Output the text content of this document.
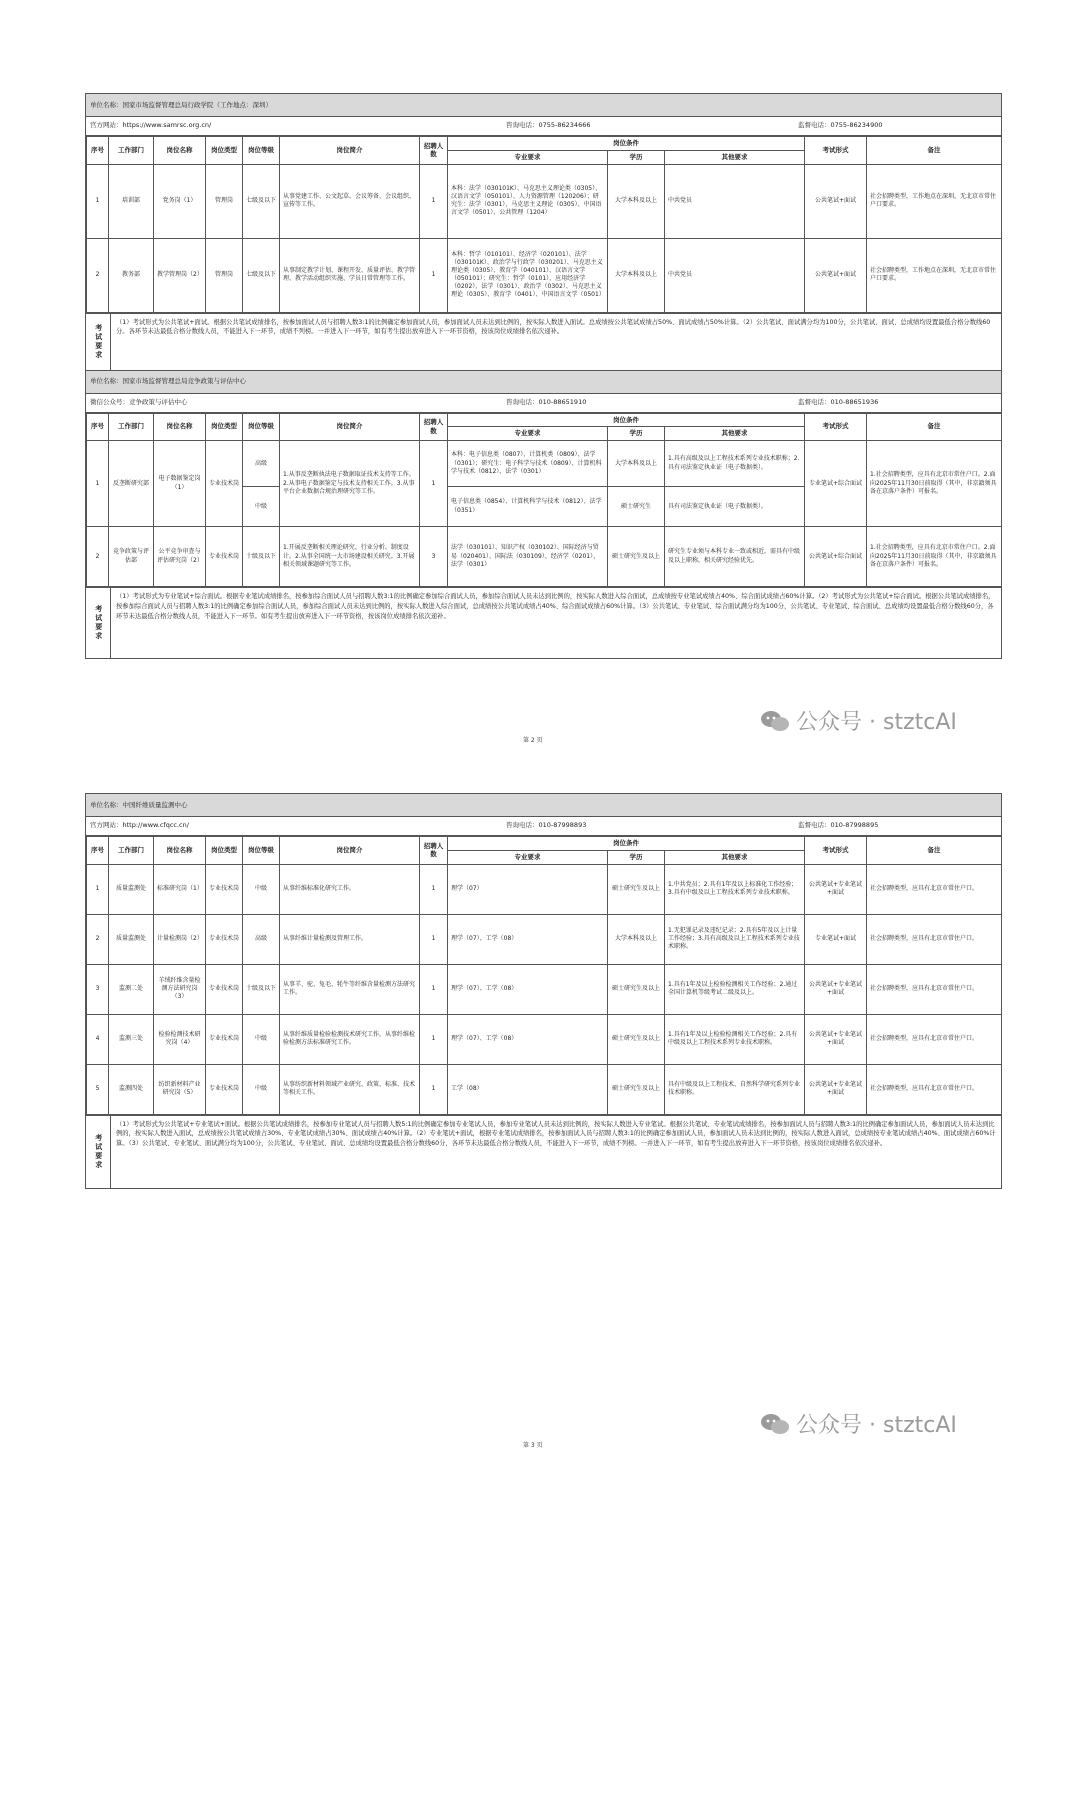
单位名称：国家市场监督管理总局行政学院（工作地点：深圳）
官方网站：https://www.samrsc.org.cn/	咨询电话：0755-86234666	监督电话：0755-86234900
序号	工作部门	岗位名称	岗位类型	岗位等级	岗位简介	招聘人数	岗位条件			考试形式	备注
							专业要求	学历	其他要求		
1	培训部	党务岗（1）	管理岗	七级及以下	从事党建工作、公文起草、会议筹备、会议组织、宣传等工作。	1	本科：法学（030101K）、马克思主义理论类（0305）、汉语言文学（050101）、人力资源管理（120206）；研究生：法学（0301）、马克思主义理论（0305）、中国语言文学（0501）、公共管理（1204）	大学本科及以上	中共党员	公共笔试+面试	社会招聘类型，工作地点在深圳，无北京市常住户口要求。
2	教务部	教学管理岗（2）	管理岗	七级及以下	从事制定教学计划、课程开发、质量评估、教学管理、教学活动组织实施、学员日常管理等工作。	1	本科：哲学（010101）、经济学（020101）、法学（030101K）、政治学与行政学（030201）、马克思主义理论类（0305）、教育学（040101）、汉语言文学（050101）；研究生：哲学（0101）、应用经济学（0202）、法学（0301）、政治学（0302）、马克思主义理论（0305）、教育学（0401）、中国语言文学（0501）	大学本科及以上	中共党员	公共笔试+面试	社会招聘类型，工作地点在深圳，无北京市常住户口要求。
考试要求
（1）考试形式为公共笔试+面试。根据公共笔试成绩排名，按参加面试人员与招聘人数3:1的比例确定参加面试人员，参加面试人员未达到比例的，按实际人数进入面试。总成绩按公共笔试成绩占50%、面试成绩占50%计算。（2）公共笔试、面试满分均为100分，公共笔试、面试、总成绩均设置最低合格分数线60分。各环节未达最低合格分数线人员，不能进入下一环节，成绩不列榜。一并进入下一环节，如有考生提出放弃进入下一环节资格，按该岗位成绩排名依次递补。
单位名称：国家市场监督管理总局竞争政策与评估中心
微信公众号：竞争政策与评估中心	咨询电话：010-88651910	监督电话：010-88651936
序号	工作部门	岗位名称	岗位类型	岗位等级	岗位简介	招聘人数	岗位条件			考试形式	备注
							专业要求	学历	其他要求		
1	反垄断研究部	电子数据鉴定岗（1）	专业技术岗	高级	1.从事反垄断执法电子数据取证技术支持等工作。2.从事电子数据鉴定与技术支持相关工作。3.从事平台企业数据合规治理研究等工作。	1	本科：电子信息类（0807）、计算机类（0809）、法学（0301）；研究生：电子科学与技术（0809）、计算机科学与技术（0812）、法学（0301）	大学本科及以上	1.具有高级及以上工程技术系列专业技术职称；2.具有司法鉴定执业证（电子数据类）。	专业笔试+综合面试	1.社会招聘类型，应具有北京市常住户口。2.面向2025年11月30日前取得（其中，非京籍须具备在京落户条件）可报名。
				中级			电子信息类（0854）、计算机科学与技术（0812）、法学（0351）	硕士研究生	具有司法鉴定执业证（电子数据类）。		
2	竞争政策与评估部	公平竞争审查与评估研究岗（2）	专业技术岗	十级及以下	1.开展反垄断相关理论研究、行业分析、制度设计。2.从事全国统一大市场建设相关研究。3.开展相关领域课题研究等工作。	3	法学（030101）、知识产权（030102）、国际经济与贸易（020401）、国际法（030109）、经济学（0201）、法学（0301）	硕士研究生及以上	研究生专业须与本科专业一致或相近，需具有中级及以上职称，相关研究经验优先。	公共笔试+综合面试	1.社会招聘类型，应具有北京市常住户口。2.面向2025年11月30日前取得（其中，非京籍须具备在京落户条件）可报名。
考试要求
（1）考试形式为专业笔试+综合面试。根据专业笔试成绩排名，按参加综合面试人员与招聘人数3:1的比例确定参加综合面试人员，参加综合面试人员未达到比例的，按实际人数进入综合面试，总成绩按专业笔试成绩占40%、综合面试成绩占60%计算。（2）考试形式为公共笔试+综合面试。根据公共笔试成绩排名，按参加综合面试人员与招聘人数3:1的比例确定参加综合面试人员，参加综合面试人员未达到比例的，按实际人数进入综合面试，总成绩按公共笔试成绩占40%、综合面试成绩占60%计算。（3）公共笔试、专业笔试、综合面试满分均为100分，公共笔试、专业笔试、综合面试、总成绩均设置最低合格分数线60分，各环节未达最低合格分数线人员，不能进入下一环节。如有考生提出放弃进入下一环节资格，按该岗位成绩排名依次递补。
第 2 页
公众号 · stztcAI
单位名称：中国纤维质量监测中心
官方网站：http://www.cfqcc.cn/	咨询电话：010-87998893	监督电话：010-87998895
序号	工作部门	岗位名称	岗位类型	岗位等级	岗位简介	招聘人数	岗位条件			考试形式	备注
							专业要求	学历	其他要求		
1	质量监测处	标准研究岗（1）	专业技术岗	中级	从事纤维标准化研究工作。	1	理学（07）	硕士研究生及以上	1.中共党员；2.具有1年及以上标准化工作经验；3.具有中级及以上工程技术系列专业技术职称。	公共笔试+专业笔试+面试	社会招聘类型，应具有北京市常住户口。
2	质量监测处	计量检测岗（2）	专业技术岗	高级	从事纤维计量检测及管理工作。	1	理学（07）、工学（08）	大学本科及以上	1.无犯罪记录及违纪记录；2.具有5年及以上计量工作经验；3.具有高级及以上工程技术系列专业技术职称。	专业笔试+面试	社会招聘类型，应具有北京市常住户口。
3	监测二处	羊绒纤维含量检测方法研究岗（3）	专业技术岗	十级及以下	从事羊、驼、兔毛、牦牛等纤维含量检测方法研究工作。	1	理学（07）、工学（08）	硕士研究生及以上	1.具有1年及以上检验检测相关工作经验；2.通过全国计算机等级考试二级及以上。	公共笔试+专业笔试+面试	社会招聘类型，应具有北京市常住户口。
4	监测三处	检验检测技术研究岗（4）	专业技术岗	中级	从事纤维质量检验检测技术研究工作，从事纤维检验检测方法标准研究工作。	1	理学（07）、工学（08）	硕士研究生及以上	1.具有1年及以上检验检测相关工作经验；2.具有中级及以上工程技术系列专业技术职称。	公共笔试+专业笔试+面试	社会招聘类型，应具有北京市常住户口。
5	监测四处	纺织新材料产业研究岗（5）	专业技术岗	中级	从事纺织新材料领域产业研究、政策、标准、技术等相关工作。	1	工学（08）	硕士研究生及以上	具有中级及以上工程技术、自然科学研究系列专业技术职称。	公共笔试+专业笔试+面试	社会招聘类型，应具有北京市常住户口。
考试要求
（1）考试形式为公共笔试+专业笔试+面试。根据公共笔试成绩排名，按参加专业笔试人员与招聘人数5:1的比例确定参加专业笔试人员，参加专业笔试人员未达到比例的，按实际人数进入专业笔试。根据公共笔试、专业笔试成绩排名，按参加面试人员与招聘人数3:1的比例确定参加面试人员，参加面试人员未达到比例的，按实际人数进入面试，总成绩按公共笔试成绩占30%、专业笔试成绩占30%、面试成绩占40%计算。（2）专业笔试+面试，根据专业笔试成绩排名，按参加面试人员与招聘人数3:1的比例确定参加面试人员，参加面试人员未达到比例的，按实际人数进入面试，总成绩按专业笔试成绩占40%、面试成绩占60%计算。（3）公共笔试、专业笔试、面试满分均为100分，公共笔试、专业笔试、面试、总成绩均设置最低合格分数线60分，各环节未达最低合格分数线人员，不能进入下一环节，成绩不列榜。一并进入下一环节，如有考生提出放弃进入下一环节资格，按该岗位成绩排名依次递补。
公众号 · stztcAI
第 3 页
